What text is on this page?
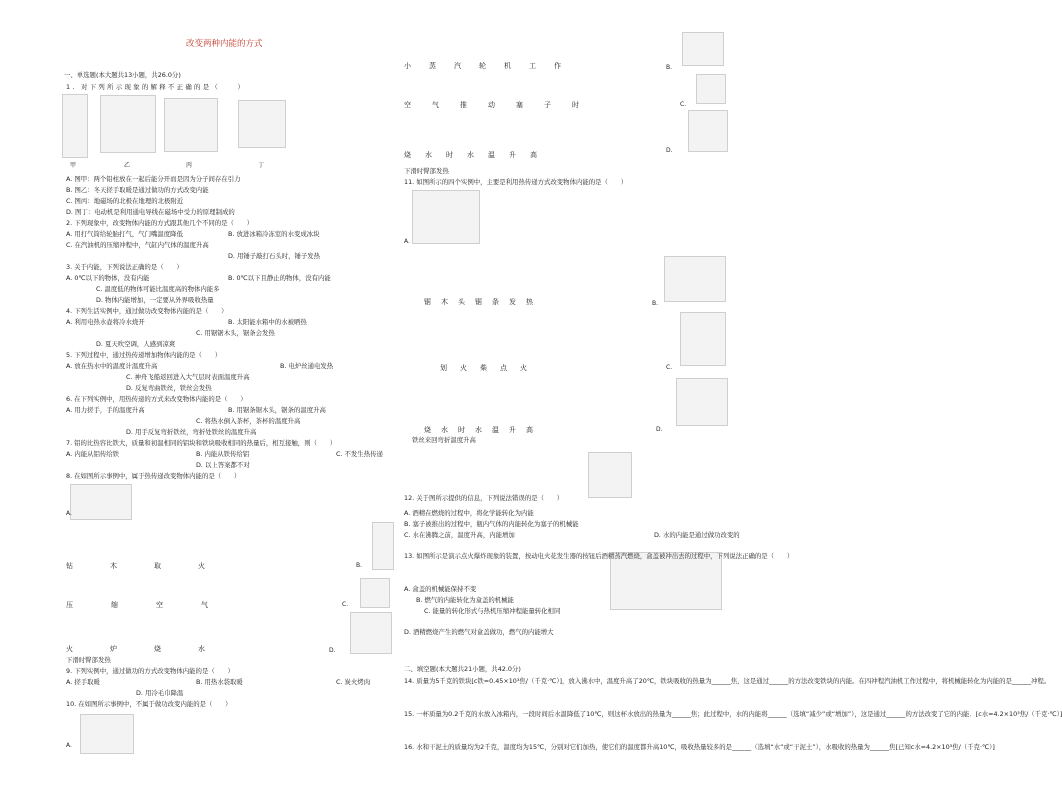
改变两种内能的方式
一、单选题(本大题共13小题，共26.0分)
1. 对下列所示现象的解释不正确的是（　　）
甲	乙	丙	丁
A. 图甲：两个铅柱放在一起后能分开而是因为分子间存在引力
B. 图乙：冬天搓手取暖是通过做功的方式改变内能
C. 图丙：地磁场的北极在地理的北极附近
D. 图丁：电动机是利用通电导线在磁场中受力的原理制成的
2. 下列现象中，改变物体内能的方式跟其他几个不同的是（　　）
A. 用打气筒给轮胎打气，气门嘴温度降低	B. 放进冰箱冷冻室的水变成冰块
C. 在汽油机的压缩冲程中，气缸内气体的温度升高
D. 用锤子敲打石头时，锤子发热
3. 关于内能，下列说法正确的是（　　）
A. 0℃以下的物体，没有内能	B. 0℃以下且静止的物体，没有内能
C. 温度低的物体可能比温度高的物体内能多
D. 物体内能增加，一定要从外界吸收热量
4. 下列生活实例中，通过做功改变物体内能的是（　　）
A. 利用电热水壶将冷水烧开	B. 太阳能水箱中的水被晒热
C. 用锯锯木头，锯条会发热
D. 夏天吹空调，人感到凉爽
5. 下列过程中，通过热传递增加物体内能的是（　　）
A. 放在热水中的温度计温度升高	B. 电炉丝通电发热
C. 神舟飞船返回进入大气层时表面温度升高
D. 反复弯曲铁丝，铁丝会发热
6. 在下列实例中，用热传递的方式来改变物体内能的是（　　）
A. 用力搓手，手的温度升高	B. 用锯条锯木头，锯条的温度升高
C. 将热水倒入茶杯，茶杯的温度升高
D. 用手反复弯折铁丝，弯折处铁丝的温度升高
7. 铝的比热容比铁大，质量和初温相同的铝块和铁块吸收相同的热量后，相互接触，则（　　）
A. 内能从铝传给铁	B. 内能从铁传给铝	C. 不发生热传递
D. 以上答案都不对
8. 在如图所示事例中，属于热传递改变物体内能的是（　　）
A.
钻木取火	B.
压缩空气	C.
火炉烧水	D.
下滑时臀部发热
9. 下列实例中，通过做功的方式改变物体内能的是（　　）
A. 搓手取暖	B. 用热水袋取暖	C. 炭火烤肉
D. 用冷毛巾降温
10. 在如图所示事例中，不属于做功改变内能的是（　　）
A.
小蒸汽轮机工作	B.
空气推动塞子时	C.
烧水时水温升高
D.
下滑时臀部发热
11. 如图所示的四个实例中，主要是利用热传递方式改变物体内能的是（　　）
A.
锯木头锯条发热	B.
划火柴点火	C.
烧水时水温升高	D.
铁丝来回弯折温度升高
12. 关于图所示提供的信息，下列说法错误的是（　　）
A. 酒精在燃烧的过程中，将化学能转化为内能
B. 塞子被推出的过程中，瓶内气体的内能转化为塞子的机械能
C. 水在沸腾之前，温度升高，内能增加	D. 水的内能是通过做功改变的
13. 如图所示是演示点火爆炸现象的装置，按动电火花发生器的按钮后酒精蒸汽燃烧，盒盖被冲出去的过程中，下列说法正确的是（　　）
A. 盒盖的机械能保持不变
B. 燃气的内能转化为盒盖的机械能
C. 能量的转化形式与热机压缩冲程能量转化相同
D. 酒精燃烧产生的燃气对盒盖做功，燃气的内能增大
二、填空题(本大题共21小题，共42.0分)
14. 质量为5千克的铁块[c铁=0.45×10³焦/（千克·℃）]，放入沸水中，温度升高了20℃，铁块吸收的热量为______焦，这是通过______的方法改变铁块的内能。在四冲程汽油机工作过程中，将机械能转化为内能的是______冲程。
15. 一杯质量为0.2千克的水放入冰箱内，一段时间后水温降低了10℃，则这杯水放出的热量为______焦；此过程中，水的内能将______（选填“减少”或“增加”），这是通过______的方法改变了它的内能．[c水=4.2×10³焦/（千克·℃）]
16. 水和干泥土的质量均为2千克，温度均为15℃，分别对它们加热，使它们的温度都升高10℃，吸收热量较多的是______（选填“水”或“干泥土”），水吸收的热量为______焦[已知c水=4.2×10³焦/（千克·℃）]
